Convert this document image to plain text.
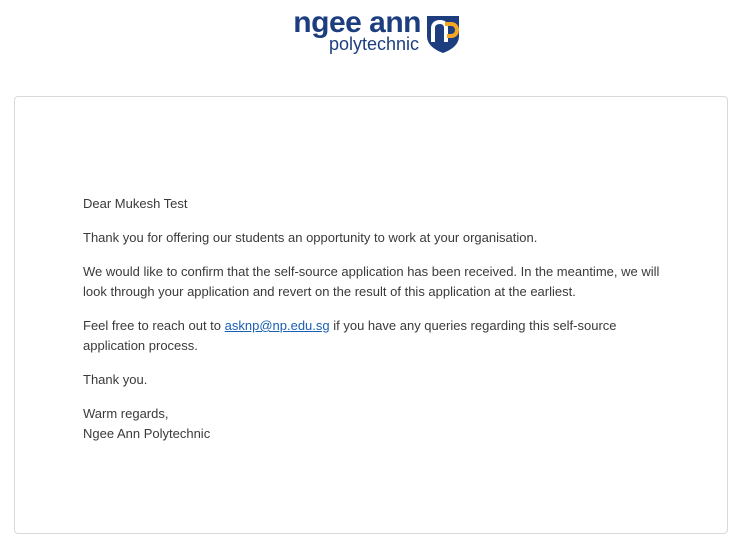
ngee ann
polytechnic

Dear Mukesh Test

Thank you for offering our students an opportunity to work at your organisation.

We would like to confirm that the self-source application has been received. In the meantime, we will look through your application and revert on the result of this application at the earliest.

Feel free to reach out to asknp@np.edu.sg if you have any queries regarding this self-source application process.

Thank you.

Warm regards,
Ngee Ann Polytechnic
